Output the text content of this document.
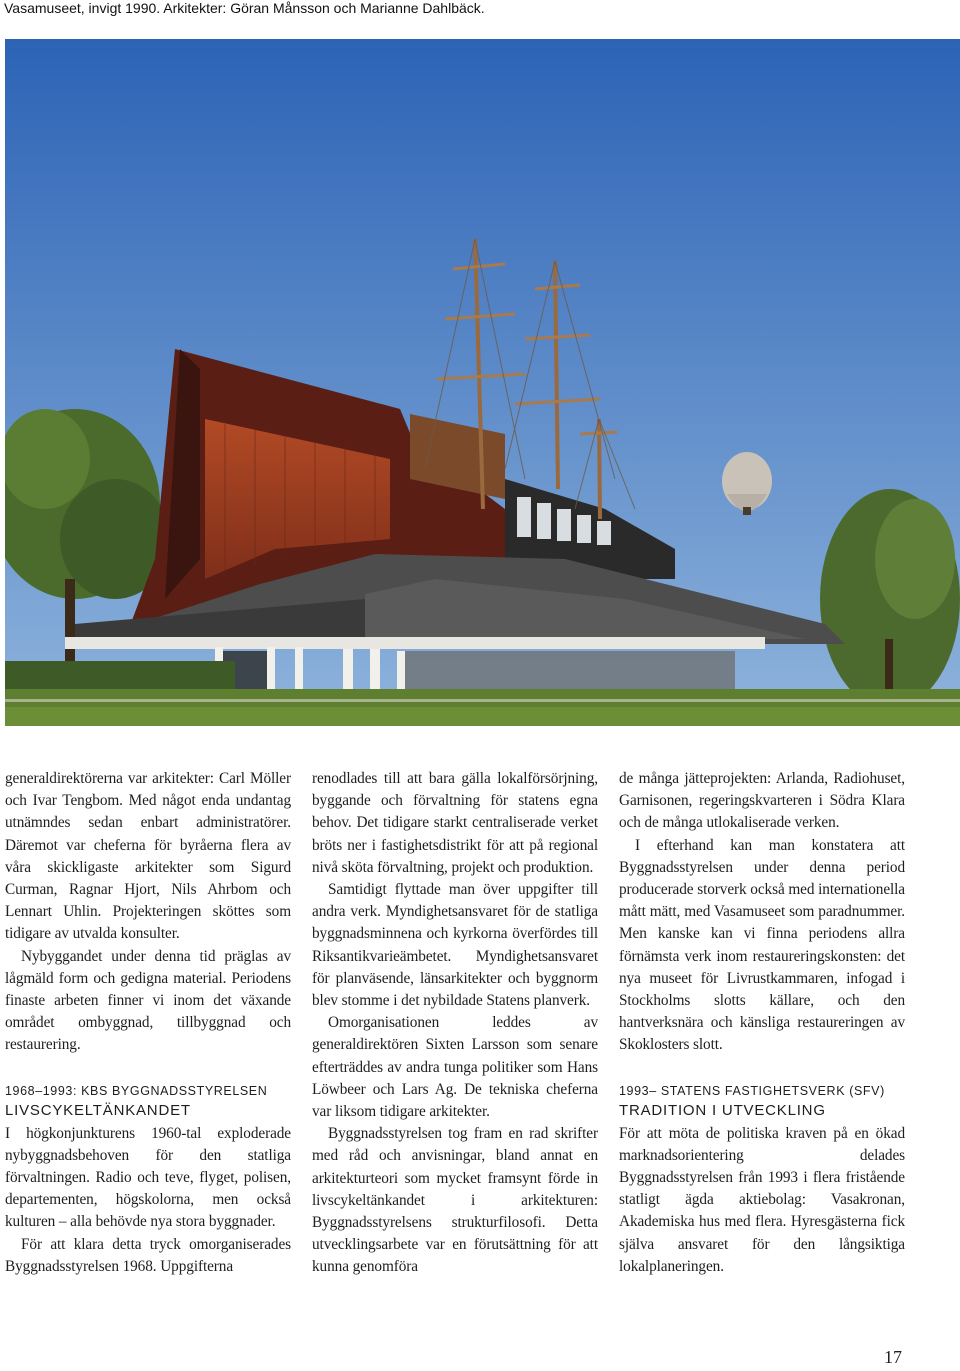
Vasamuseet, invigt 1990. Arkitekter: Göran Månsson och Marianne Dahlbäck.

generaldirektörerna var arkitekter: Carl Möller och Ivar Tengbom. Med något enda undantag utnämndes sedan enbart administratörer. Däremot var cheferna för byråerna flera av våra skickligaste arkitekter som Sigurd Curman, Ragnar Hjort, Nils Ahrbom och Lennart Uhlin. Projekteringen sköttes som tidigare av utvalda konsulter.

Nybyggandet under denna tid präglas av lågmäld form och gedigna material. Periodens finaste arbeten finner vi inom det växande området ombyggnad, tillbyggnad och restaurering.

1968–1993: KBS BYGGNADSSTYRELSEN
LIVSCYKELTÄNKANDET

I högkonjunkturens 1960-tal exploderade nybyggnadsbehoven för den statliga förvaltningen. Radio och teve, flyget, polisen, departementen, högskolorna, men också kulturen – alla behövde nya stora byggnader.

För att klara detta tryck omorganiserades Byggnadsstyrelsen 1968. Uppgifterna

renodlades till att bara gälla lokalförsörjning, byggande och förvaltning för statens egna behov. Det tidigare starkt centraliserade verket bröts ner i fastighetsdistrikt för att på regional nivå sköta förvaltning, projekt och produktion.

Samtidigt flyttade man över uppgifter till andra verk. Myndighetsansvaret för de statliga byggnadsminnena och kyrkorna överfördes till Riksantikvarieämbetet. Myndighetsansvaret för planväsende, länsarkitekter och byggnorm blev stomme i det nybildade Statens planverk.

Omorganisationen leddes av generaldirektören Sixten Larsson som senare efterträddes av andra tunga politiker som Hans Löwbeer och Lars Ag. De tekniska cheferna var liksom tidigare arkitekter.

Byggnadsstyrelsen tog fram en rad skrifter med råd och anvisningar, bland annat en arkitekturteori som mycket framsynt förde in livscykeltänkandet i arkitekturen: Byggnadsstyrelsens strukturfilosofi. Detta utvecklingsarbete var en förutsättning för att kunna genomföra

de många jätteprojekten: Arlanda, Radiohuset, Garnisonen, regeringskvarteren i Södra Klara och de många utlokaliserade verken.

I efterhand kan man konstatera att Byggnadsstyrelsen under denna period producerade storverk också med internationella mått mätt, med Vasamuseet som paradnummer. Men kanske kan vi finna periodens allra förnämsta verk inom restaureringskonsten: det nya museet för Livrustkammaren, infogad i Stockholms slotts källare, och den hantverksnära och känsliga restaureringen av Skoklosters slott.

1993– STATENS FASTIGHETSVERK (SFV)
TRADITION I UTVECKLING

För att möta de politiska kraven på en ökad marknadsorientering delades Byggnadsstyrelsen från 1993 i flera fristående statligt ägda aktiebolag: Vasakronan, Akademiska hus med flera. Hyresgästerna fick själva ansvaret för den långsiktiga lokalplaneringen.

17
